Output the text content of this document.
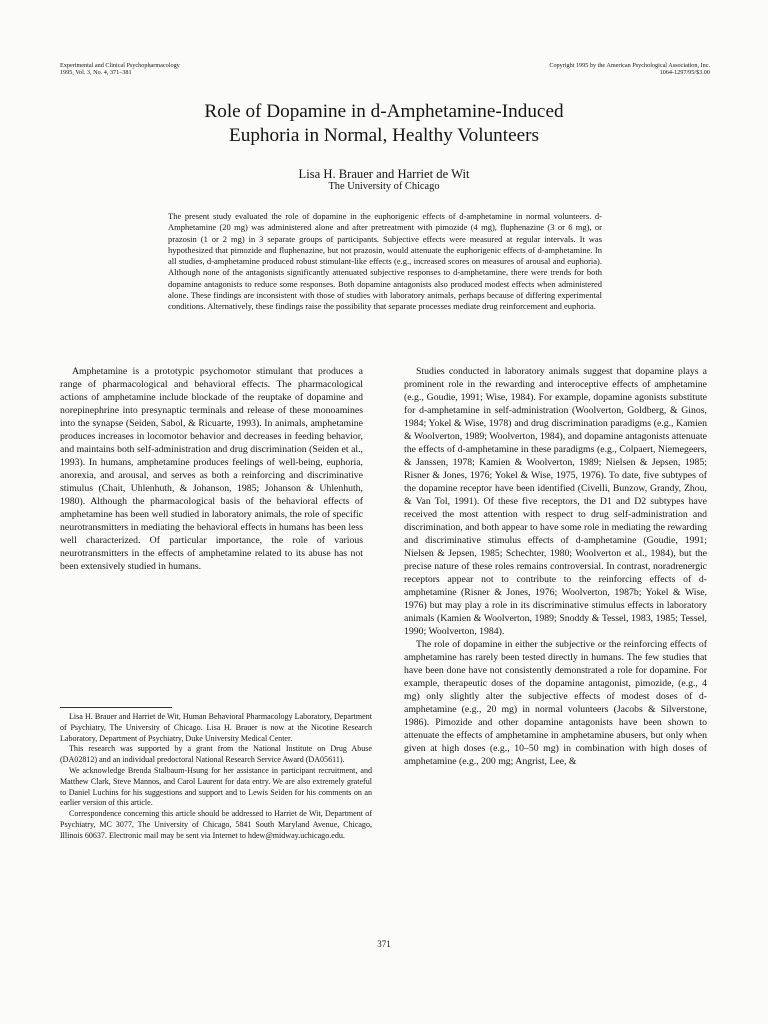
Experimental and Clinical Psychopharmacology
1995, Vol. 3, No. 4, 371–381
Copyright 1995 by the American Psychological Association, Inc.
1064-1297/95/$3.00
Role of Dopamine in d-Amphetamine-Induced
Euphoria in Normal, Healthy Volunteers
Lisa H. Brauer and Harriet de Wit
The University of Chicago

The present study evaluated the role of dopamine in the euphorigenic effects of d-amphetamine in normal volunteers. d-Amphetamine (20 mg) was administered alone and after pretreatment with pimozide (4 mg), fluphenazine (3 or 6 mg), or prazosin (1 or 2 mg) in 3 separate groups of participants. Subjective effects were measured at regular intervals. It was hypothesized that pimozide and fluphenazine, but not prazosin, would attenuate the euphorigenic effects of d-amphetamine. In all studies, d-amphetamine produced robust stimulant-like effects (e.g., increased scores on measures of arousal and euphoria). Although none of the antagonists significantly attenuated subjective responses to d-amphetamine, there were trends for both dopamine antagonists to reduce some responses. Both dopamine antagonists also produced modest effects when administered alone. These findings are inconsistent with those of studies with laboratory animals, perhaps because of differing experimental conditions. Alternatively, these findings raise the possibility that separate processes mediate drug reinforcement and euphoria.

Amphetamine is a prototypic psychomotor stimulant that produces a range of pharmacological and behavioral effects. The pharmacological actions of amphetamine include blockade of the reuptake of dopamine and norepinephrine into presynaptic terminals and release of these monoamines into the synapse (Seiden, Sabol, & Ricuarte, 1993). In animals, amphetamine produces increases in locomotor behavior and decreases in feeding behavior, and maintains both self-administration and drug discrimination (Seiden et al., 1993). In humans, amphetamine produces feelings of well-being, euphoria, anorexia, and arousal, and serves as both a reinforcing and discriminative stimulus (Chait, Uhlenhuth, & Johanson, 1985; Johanson & Uhlenhuth, 1980). Although the pharmacological basis of the behavioral effects of amphetamine has been well studied in laboratory animals, the role of specific neurotransmitters in mediating the behavioral effects in humans has been less well characterized. Of particular importance, the role of various neurotransmitters in the effects of amphetamine related to its abuse has not been extensively studied in humans.

Studies conducted in laboratory animals suggest that dopamine plays a prominent role in the rewarding and interoceptive effects of amphetamine (e.g., Goudie, 1991; Wise, 1984). For example, dopamine agonists substitute for d-amphetamine in self-administration (Woolverton, Goldberg, & Ginos, 1984; Yokel & Wise, 1978) and drug discrimination paradigms (e.g., Kamien & Woolverton, 1989; Woolverton, 1984), and dopamine antagonists attenuate the effects of d-amphetamine in these paradigms (e.g., Colpaert, Niemegeers, & Janssen, 1978; Kamien & Woolverton, 1989; Nielsen & Jepsen, 1985; Risner & Jones, 1976; Yokel & Wise, 1975, 1976). To date, five subtypes of the dopamine receptor have been identified (Civelli, Bunzow, Grandy, Zhou, & Van Tol, 1991). Of these five receptors, the D1 and D2 subtypes have received the most attention with respect to drug self-administration and discrimination, and both appear to have some role in mediating the rewarding and discriminative stimulus effects of d-amphetamine (Goudie, 1991; Nielsen & Jepsen, 1985; Schechter, 1980; Woolverton et al., 1984), but the precise nature of these roles remains controversial. In contrast, noradrenergic receptors appear not to contribute to the reinforcing effects of d-amphetamine (Risner & Jones, 1976; Woolverton, 1987b; Yokel & Wise, 1976) but may play a role in its discriminative stimulus effects in laboratory animals (Kamien & Woolverton, 1989; Snoddy & Tessel, 1983, 1985; Tessel, 1990; Woolverton, 1984).

The role of dopamine in either the subjective or the reinforcing effects of amphetamine has rarely been tested directly in humans. The few studies that have been done have not consistently demonstrated a role for dopamine. For example, therapeutic doses of the dopamine antagonist, pimozide, (e.g., 4 mg) only slightly alter the subjective effects of modest doses of d-amphetamine (e.g., 20 mg) in normal volunteers (Jacobs & Silverstone, 1986). Pimozide and other dopamine antagonists have been shown to attenuate the effects of amphetamine in amphetamine abusers, but only when given at high doses (e.g., 10–50 mg) in combination with high doses of amphetamine (e.g., 200 mg; Angrist, Lee, &

Lisa H. Brauer and Harriet de Wit, Human Behavioral Pharmacology Laboratory, Department of Psychiatry, The University of Chicago. Lisa H. Brauer is now at the Nicotine Research Laboratory, Department of Psychiatry, Duke University Medical Center.

This research was supported by a grant from the National Institute on Drug Abuse (DA02812) and an individual predoctoral National Research Service Award (DA05611).

We acknowledge Brenda Stalbaum-Hsung for her assistance in participant recruitment, and Matthew Clark, Steve Mannos, and Carol Laurent for data entry. We are also extremely grateful to Daniel Luchins for his suggestions and support and to Lewis Seiden for his comments on an earlier version of this article.

Correspondence concerning this article should be addressed to Harriet de Wit, Department of Psychiatry, MC 3077, The University of Chicago, 5841 South Maryland Avenue, Chicago, Illinois 60637. Electronic mail may be sent via Internet to hdew@midway.uchicago.edu.

371
